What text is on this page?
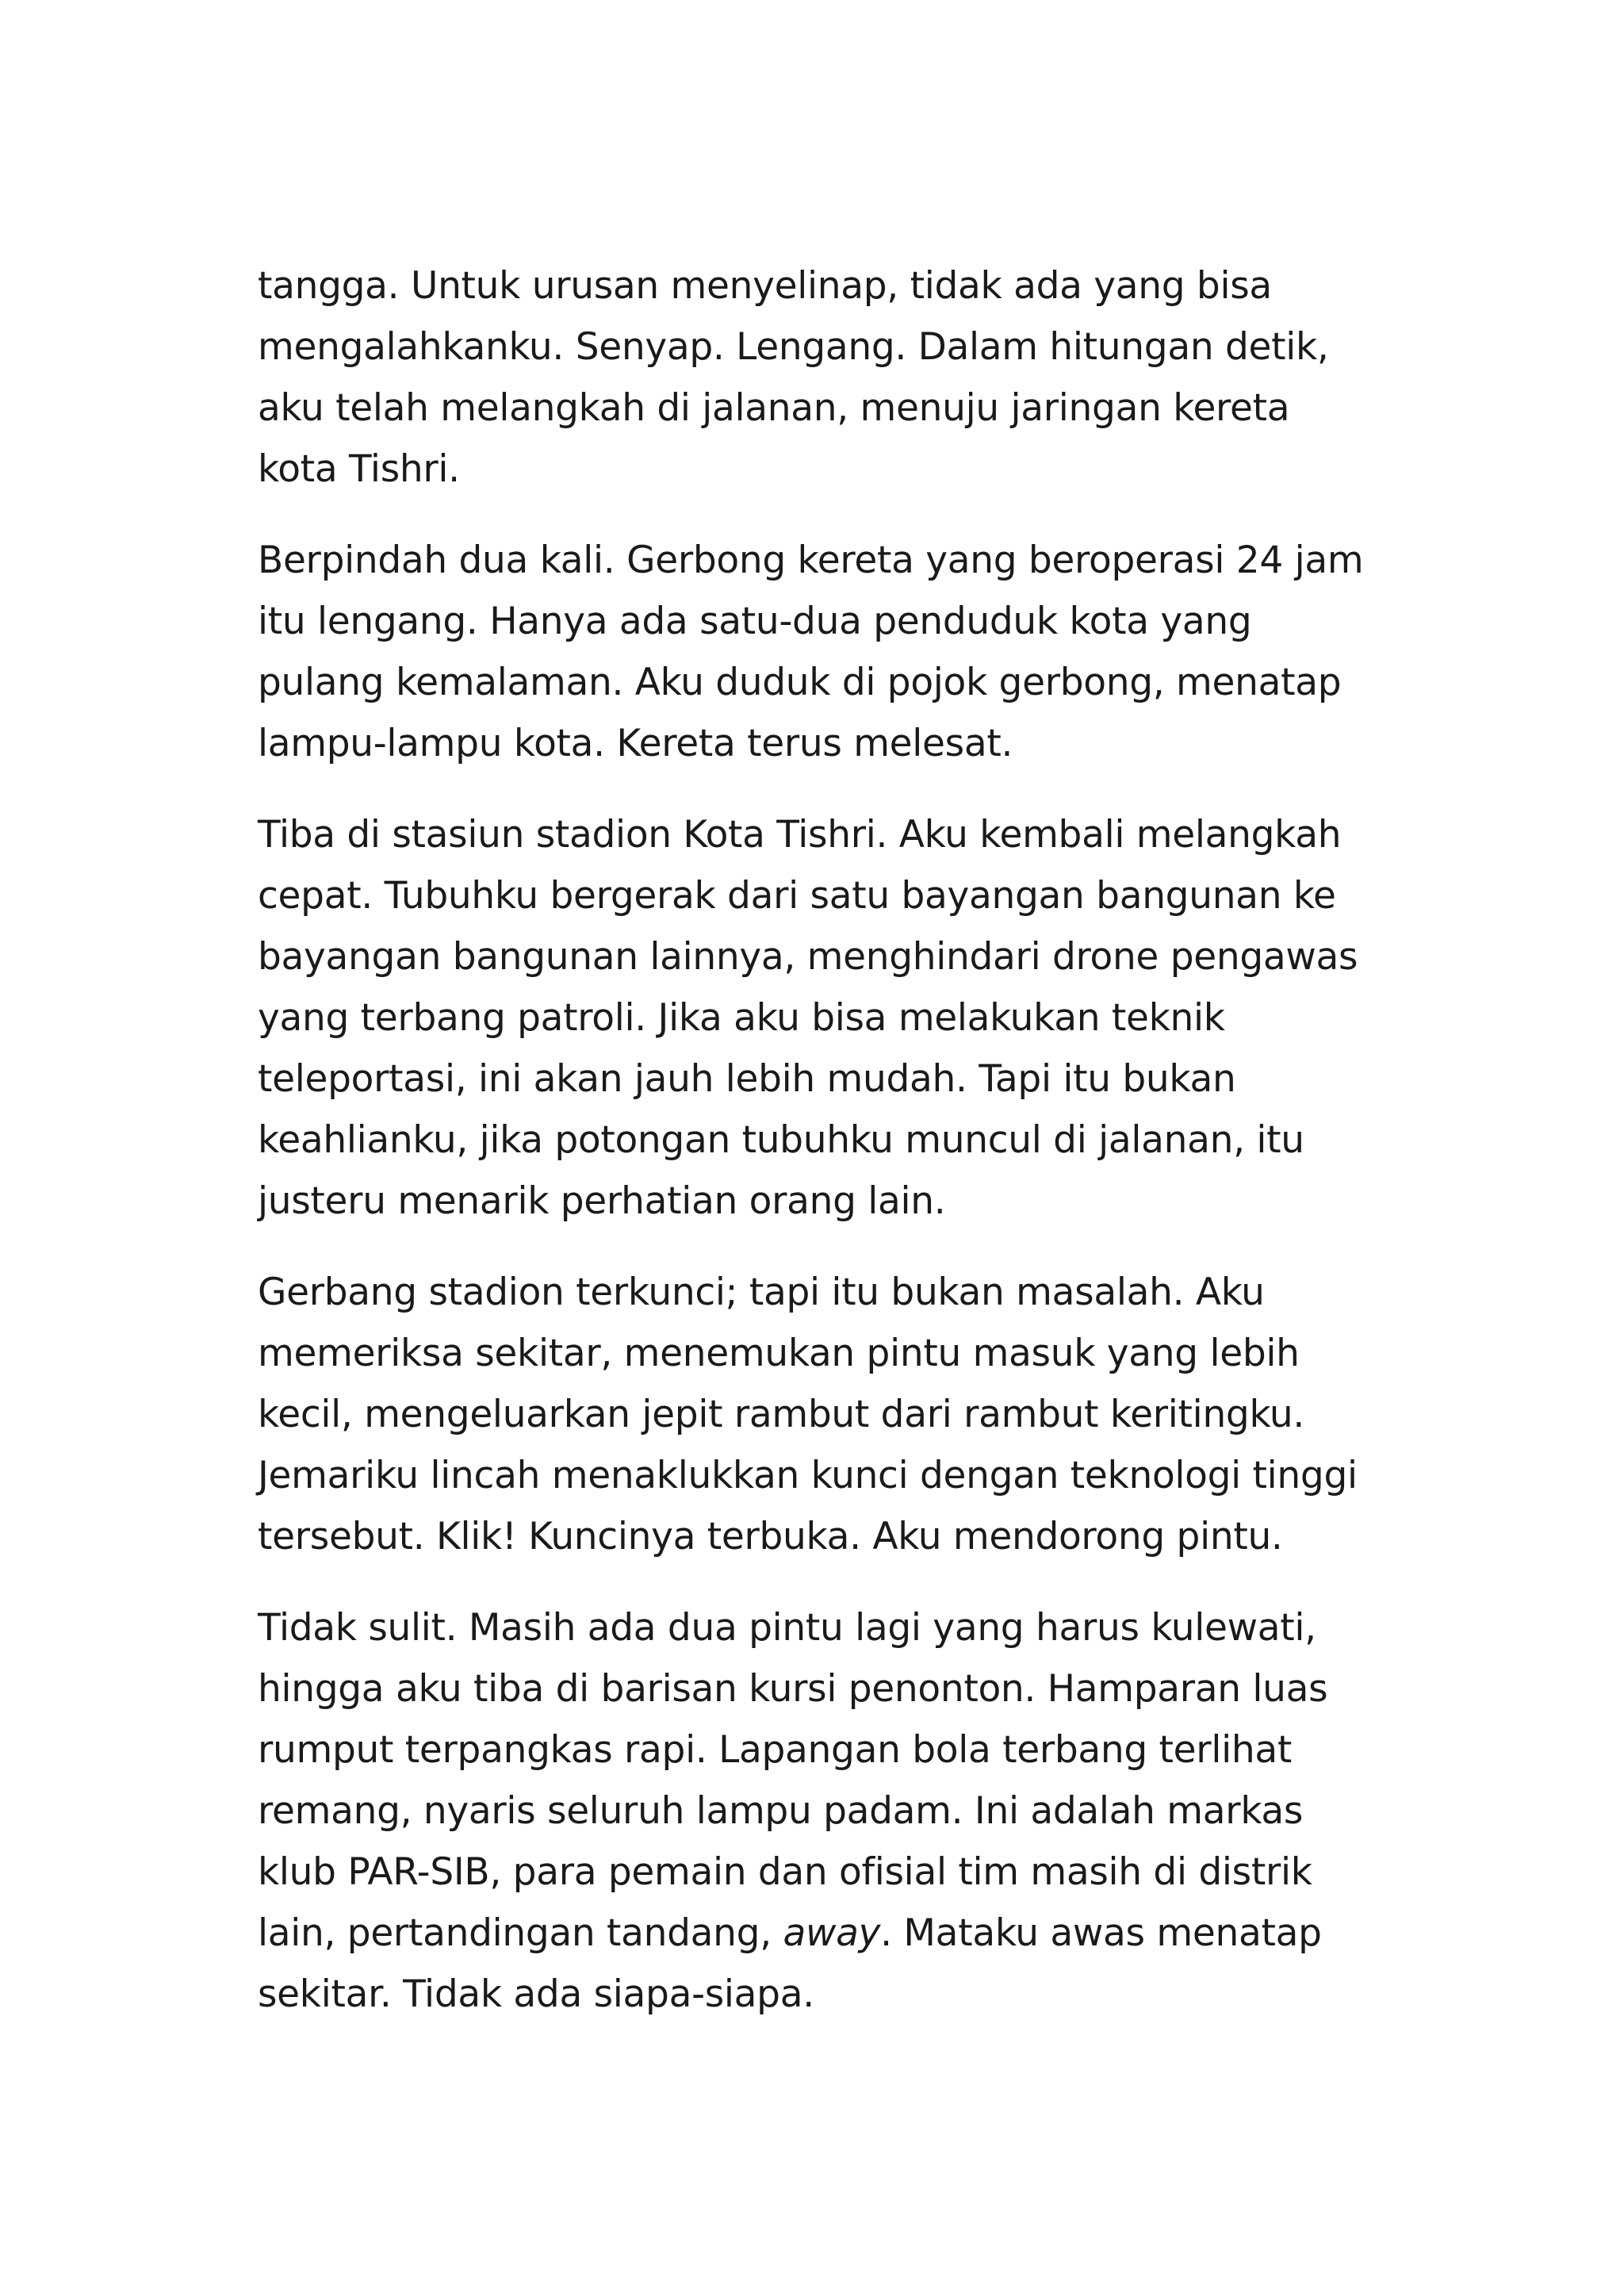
tangga. Untuk urusan menyelinap, tidak ada yang bisa
mengalahkanku. Senyap. Lengang. Dalam hitungan detik,
aku telah melangkah di jalanan, menuju jaringan kereta
kota Tishri.

Berpindah dua kali. Gerbong kereta yang beroperasi 24 jam
itu lengang. Hanya ada satu-dua penduduk kota yang
pulang kemalaman. Aku duduk di pojok gerbong, menatap
lampu-lampu kota. Kereta terus melesat.

Tiba di stasiun stadion Kota Tishri. Aku kembali melangkah
cepat. Tubuhku bergerak dari satu bayangan bangunan ke
bayangan bangunan lainnya, menghindari drone pengawas
yang terbang patroli. Jika aku bisa melakukan teknik
teleportasi, ini akan jauh lebih mudah. Tapi itu bukan
keahlianku, jika potongan tubuhku muncul di jalanan, itu
justeru menarik perhatian orang lain.

Gerbang stadion terkunci; tapi itu bukan masalah. Aku
memeriksa sekitar, menemukan pintu masuk yang lebih
kecil, mengeluarkan jepit rambut dari rambut keritingku.
Jemariku lincah menaklukkan kunci dengan teknologi tinggi
tersebut. Klik! Kuncinya terbuka. Aku mendorong pintu.

Tidak sulit. Masih ada dua pintu lagi yang harus kulewati,
hingga aku tiba di barisan kursi penonton. Hamparan luas
rumput terpangkas rapi. Lapangan bola terbang terlihat
remang, nyaris seluruh lampu padam. Ini adalah markas
klub PAR-SIB, para pemain dan ofisial tim masih di distrik
lain, pertandingan tandang, away. Mataku awas menatap
sekitar. Tidak ada siapa-siapa.
